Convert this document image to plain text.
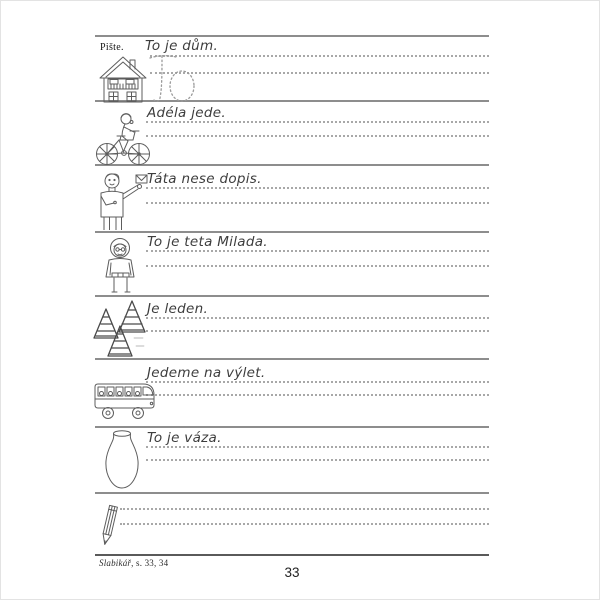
Pište. To je dům.
Adéla jede.
Táta nese dopis.
To je teta Milada.
Je leden.
Jedeme na výlet.
To je váza.
Slabikář, s. 33, 34
33
